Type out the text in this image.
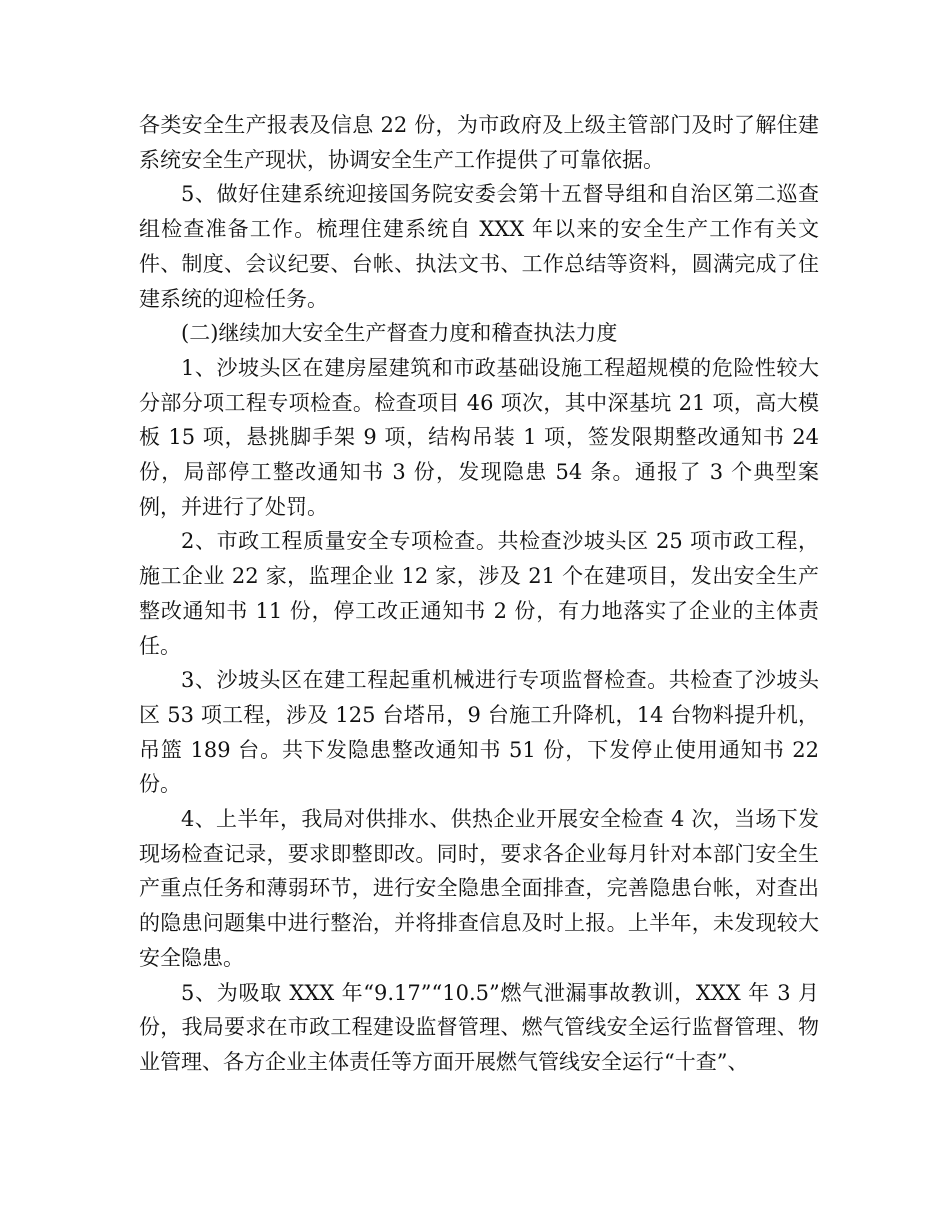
各类安全生产报表及信息 22 份，为市政府及上级主管部门及时了解住建系统安全生产现状，协调安全生产工作提供了可靠依据。

5、做好住建系统迎接国务院安委会第十五督导组和自治区第二巡查组检查准备工作。梳理住建系统自 XXX 年以来的安全生产工作有关文件、制度、会议纪要、台帐、执法文书、工作总结等资料，圆满完成了住建系统的迎检任务。

(二)继续加大安全生产督查力度和稽查执法力度

1、沙坡头区在建房屋建筑和市政基础设施工程超规模的危险性较大分部分项工程专项检查。检查项目 46 项次，其中深基坑 21 项，高大模板 15 项，悬挑脚手架 9 项，结构吊装 1 项，签发限期整改通知书 24 份，局部停工整改通知书 3 份，发现隐患 54 条。通报了 3 个典型案例，并进行了处罚。

2、市政工程质量安全专项检查。共检查沙坡头区 25 项市政工程，施工企业 22 家，监理企业 12 家，涉及 21 个在建项目，发出安全生产整改通知书 11 份，停工改正通知书 2 份，有力地落实了企业的主体责任。

3、沙坡头区在建工程起重机械进行专项监督检查。共检查了沙坡头区 53 项工程，涉及 125 台塔吊，9 台施工升降机，14 台物料提升机，吊篮 189 台。共下发隐患整改通知书 51 份，下发停止使用通知书 22 份。

4、上半年，我局对供排水、供热企业开展安全检查 4 次，当场下发现场检查记录，要求即整即改。同时，要求各企业每月针对本部门安全生产重点任务和薄弱环节，进行安全隐患全面排查，完善隐患台帐，对查出的隐患问题集中进行整治，并将排查信息及时上报。上半年，未发现较大安全隐患。

5、为吸取 XXX 年“9.17”“10.5”燃气泄漏事故教训，XXX 年 3 月份，我局要求在市政工程建设监督管理、燃气管线安全运行监督管理、物业管理、各方企业主体责任等方面开展燃气管线安全运行“十查”、
